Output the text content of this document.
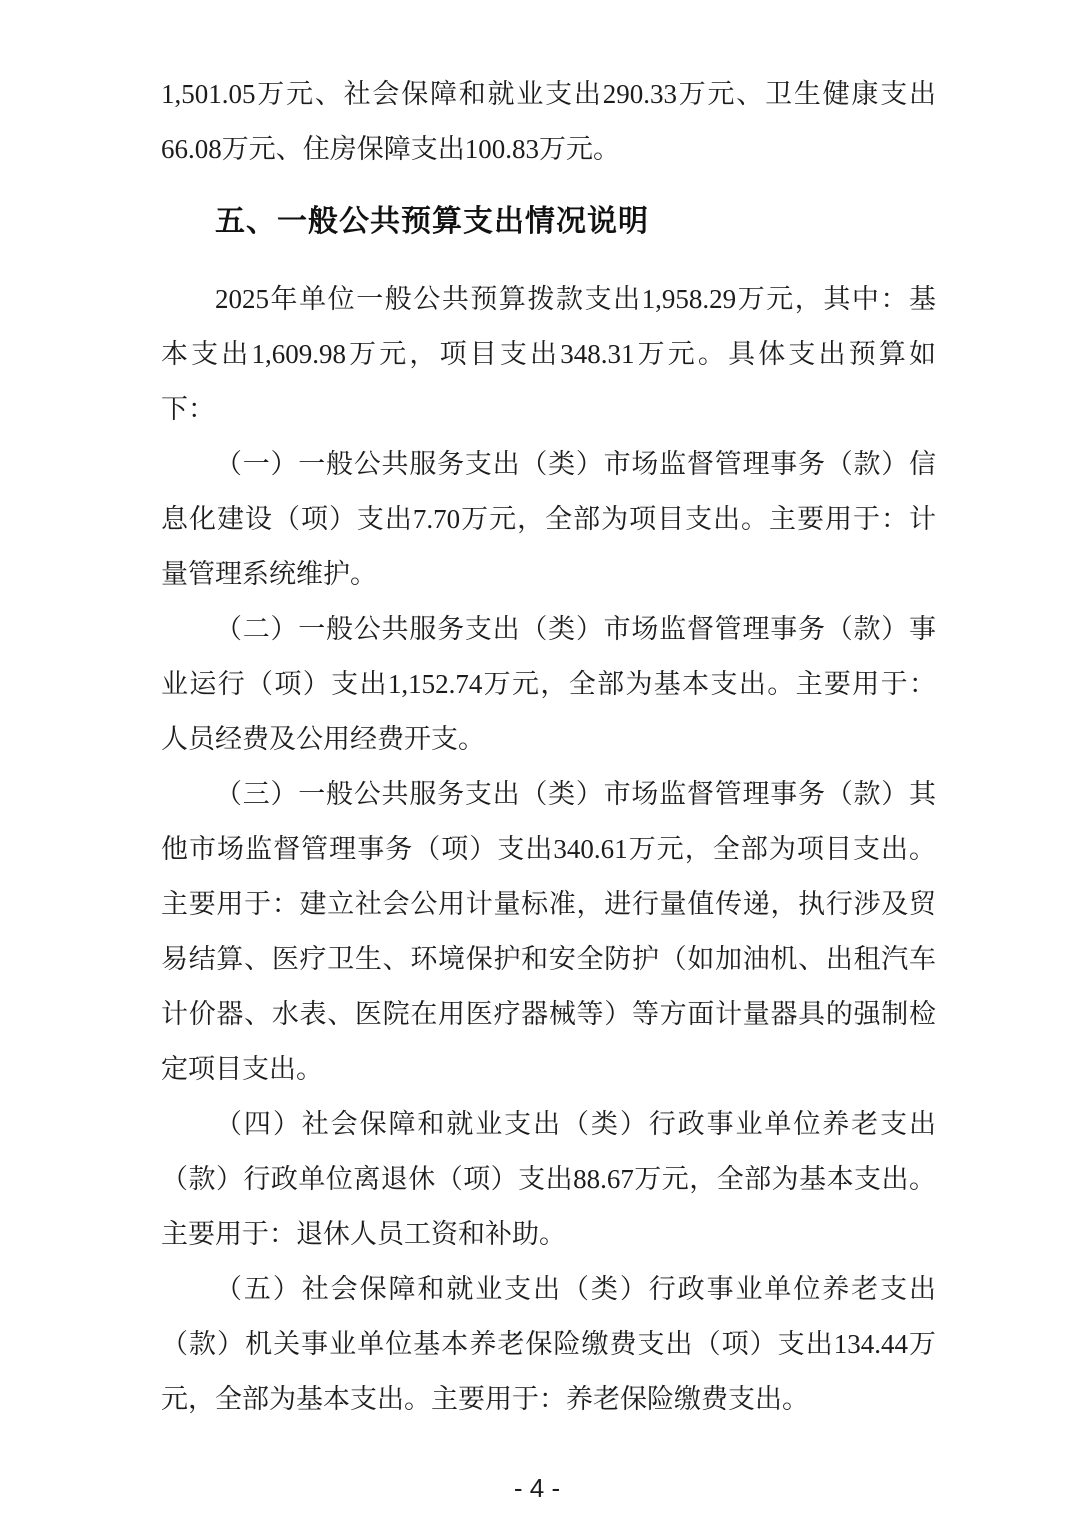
1,501.05万元、社会保障和就业支出290.33万元、卫生健康支出
66.08万元、住房保障支出100.83万元。
五、一般公共预算支出情况说明
2025年单位一般公共预算拨款支出1,958.29万元，其中：基
本支出1,609.98万元，项目支出348.31万元。具体支出预算如
下：
（一）一般公共服务支出（类）市场监督管理事务（款）信
息化建设（项）支出7.70万元，全部为项目支出。主要用于：计
量管理系统维护。
（二）一般公共服务支出（类）市场监督管理事务（款）事
业运行（项）支出1,152.74万元，全部为基本支出。主要用于：
人员经费及公用经费开支。
（三）一般公共服务支出（类）市场监督管理事务（款）其
他市场监督管理事务（项）支出340.61万元，全部为项目支出。
主要用于：建立社会公用计量标准，进行量值传递，执行涉及贸
易结算、医疗卫生、环境保护和安全防护（如加油机、出租汽车
计价器、水表、医院在用医疗器械等）等方面计量器具的强制检
定项目支出。
（四）社会保障和就业支出（类）行政事业单位养老支出
（款）行政单位离退休（项）支出88.67万元，全部为基本支出。
主要用于：退休人员工资和补助。
（五）社会保障和就业支出（类）行政事业单位养老支出
（款）机关事业单位基本养老保险缴费支出（项）支出134.44万
元，全部为基本支出。主要用于：养老保险缴费支出。
- 4 -
